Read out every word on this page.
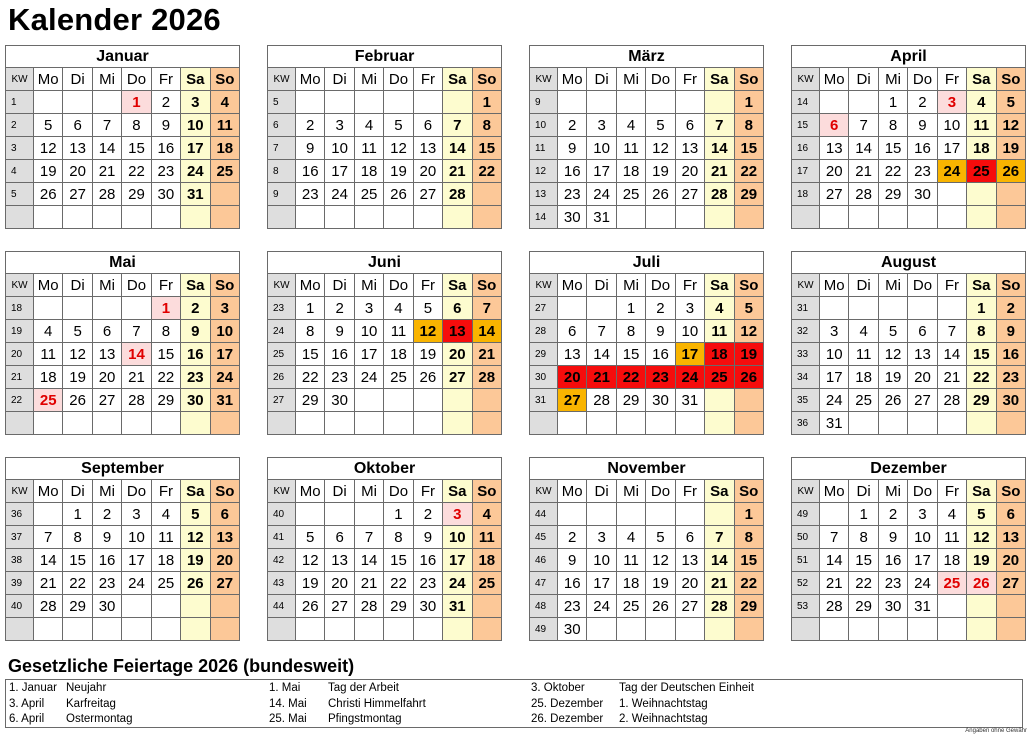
Kalender 2026
Januar							
KW	Mo	Di	Mi	Do	Fr	Sa	So
1				1	2	3	4
2	5	6	7	8	9	10	11
3	12	13	14	15	16	17	18
4	19	20	21	22	23	24	25
5	26	27	28	29	30	31	

Februar							
KW	Mo	Di	Mi	Do	Fr	Sa	So
5							1
6	2	3	4	5	6	7	8
7	9	10	11	12	13	14	15
8	16	17	18	19	20	21	22
9	23	24	25	26	27	28	

März							
KW	Mo	Di	Mi	Do	Fr	Sa	So
9							1
10	2	3	4	5	6	7	8
11	9	10	11	12	13	14	15
12	16	17	18	19	20	21	22
13	23	24	25	26	27	28	29
14	30	31					
April							
KW	Mo	Di	Mi	Do	Fr	Sa	So
14			1	2	3	4	5
15	6	7	8	9	10	11	12
16	13	14	15	16	17	18	19
17	20	21	22	23	24	25	26
18	27	28	29	30			

Mai							
KW	Mo	Di	Mi	Do	Fr	Sa	So
18					1	2	3
19	4	5	6	7	8	9	10
20	11	12	13	14	15	16	17
21	18	19	20	21	22	23	24
22	25	26	27	28	29	30	31

Juni							
KW	Mo	Di	Mi	Do	Fr	Sa	So
23	1	2	3	4	5	6	7
24	8	9	10	11	12	13	14
25	15	16	17	18	19	20	21
26	22	23	24	25	26	27	28
27	29	30					

Juli							
KW	Mo	Di	Mi	Do	Fr	Sa	So
27			1	2	3	4	5
28	6	7	8	9	10	11	12
29	13	14	15	16	17	18	19
30	20	21	22	23	24	25	26
31	27	28	29	30	31		

August							
KW	Mo	Di	Mi	Do	Fr	Sa	So
31						1	2
32	3	4	5	6	7	8	9
33	10	11	12	13	14	15	16
34	17	18	19	20	21	22	23
35	24	25	26	27	28	29	30
36	31						
September							
KW	Mo	Di	Mi	Do	Fr	Sa	So
36		1	2	3	4	5	6
37	7	8	9	10	11	12	13
38	14	15	16	17	18	19	20
39	21	22	23	24	25	26	27
40	28	29	30				

Oktober							
KW	Mo	Di	Mi	Do	Fr	Sa	So
40				1	2	3	4
41	5	6	7	8	9	10	11
42	12	13	14	15	16	17	18
43	19	20	21	22	23	24	25
44	26	27	28	29	30	31	

November							
KW	Mo	Di	Mi	Do	Fr	Sa	So
44							1
45	2	3	4	5	6	7	8
46	9	10	11	12	13	14	15
47	16	17	18	19	20	21	22
48	23	24	25	26	27	28	29
49	30						
Dezember							
KW	Mo	Di	Mi	Do	Fr	Sa	So
49		1	2	3	4	5	6
50	7	8	9	10	11	12	13
51	14	15	16	17	18	19	20
52	21	22	23	24	25	26	27
53	28	29	30	31			

Gesetzliche Feiertage 2026 (bundesweit)
1. Januar Neujahr
3. April Karfreitag
6. April Ostermontag
1. Mai Tag der Arbeit
14. Mai Christi Himmelfahrt
25. Mai Pfingstmontag
3. Oktober	Tag der Deutschen Einheit
25. Dezember 1. Weihnachtstag
26. Dezember 2. Weihnachtstag
Angaben ohne Gewähr
